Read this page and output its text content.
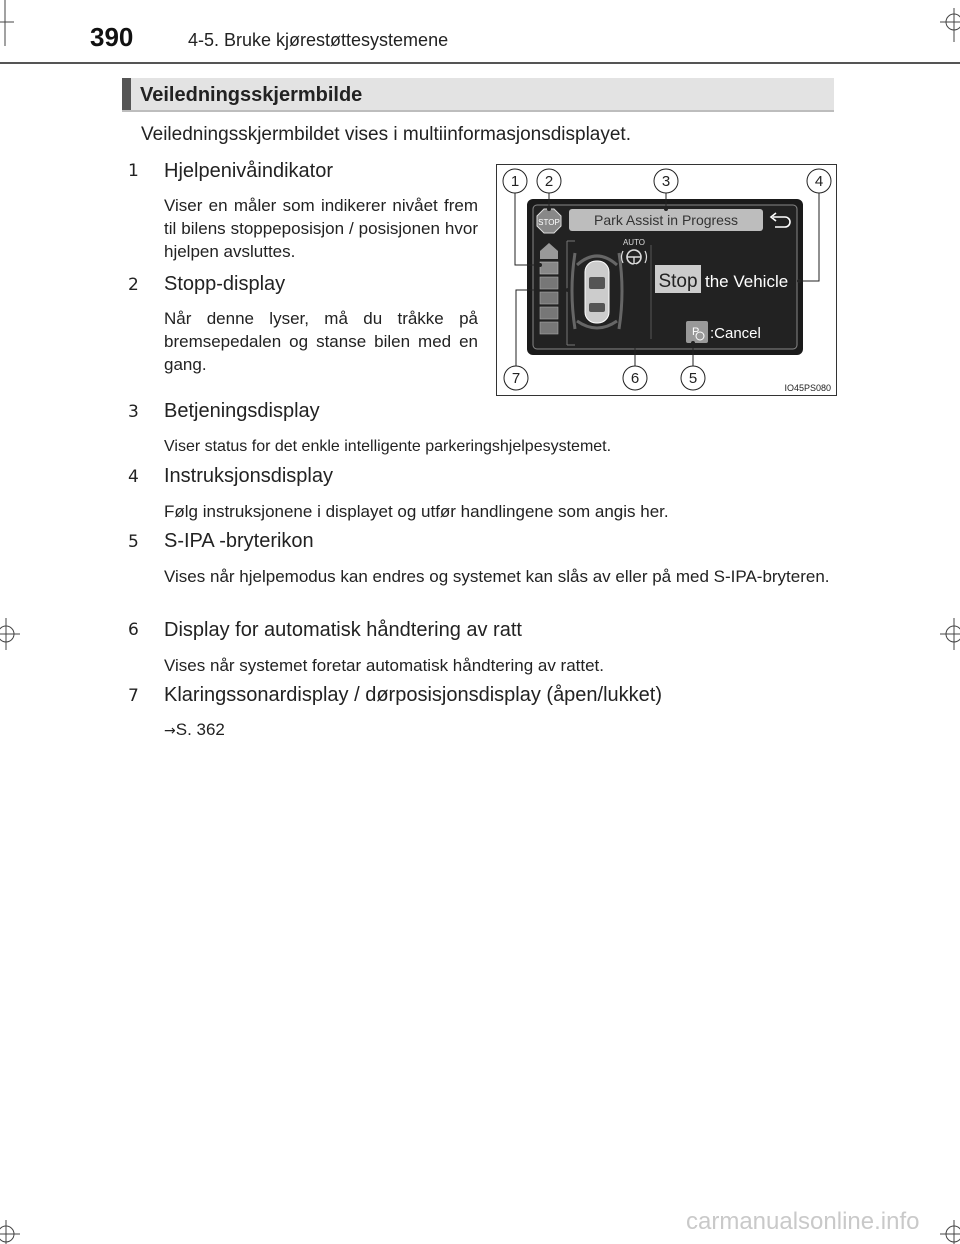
390	4-5. Bruke kjørestøttesystemene
Veiledningsskjermbilde
Veiledningsskjermbildet vises i multiinformasjonsdisplayet.
1 Hjelpenivåindikator
Viser en måler som indikerer nivået frem til bilens stoppeposisjon / posisjonen hvor hjelpen avsluttes.
2 Stopp-display
Når denne lyser, må du tråkke på bremsepedalen og stanse bilen med en gang.
3 Betjeningsdisplay
Viser status for det enkle intelligente parkeringshjelpesystemet.
4 Instruksjonsdisplay
Følg instruksjonene i displayet og utfør handlingene som angis her.
5 S-IPA -bryterikon
Vises når hjelpemodus kan endres og systemet kan slås av eller på med S-IPA-bryteren.
6 Display for automatisk håndtering av ratt
Vises når systemet foretar automatisk håndtering av rattet.
7 Klaringssonardisplay / dørposisjonsdisplay (åpen/lukket)
→S. 362
Park Assist in Progress
STOP
AUTO
Stop the Vehicle
P :Cancel
1 2	3	4
5
6
7
IO45PS080
carmanualsonline.info
